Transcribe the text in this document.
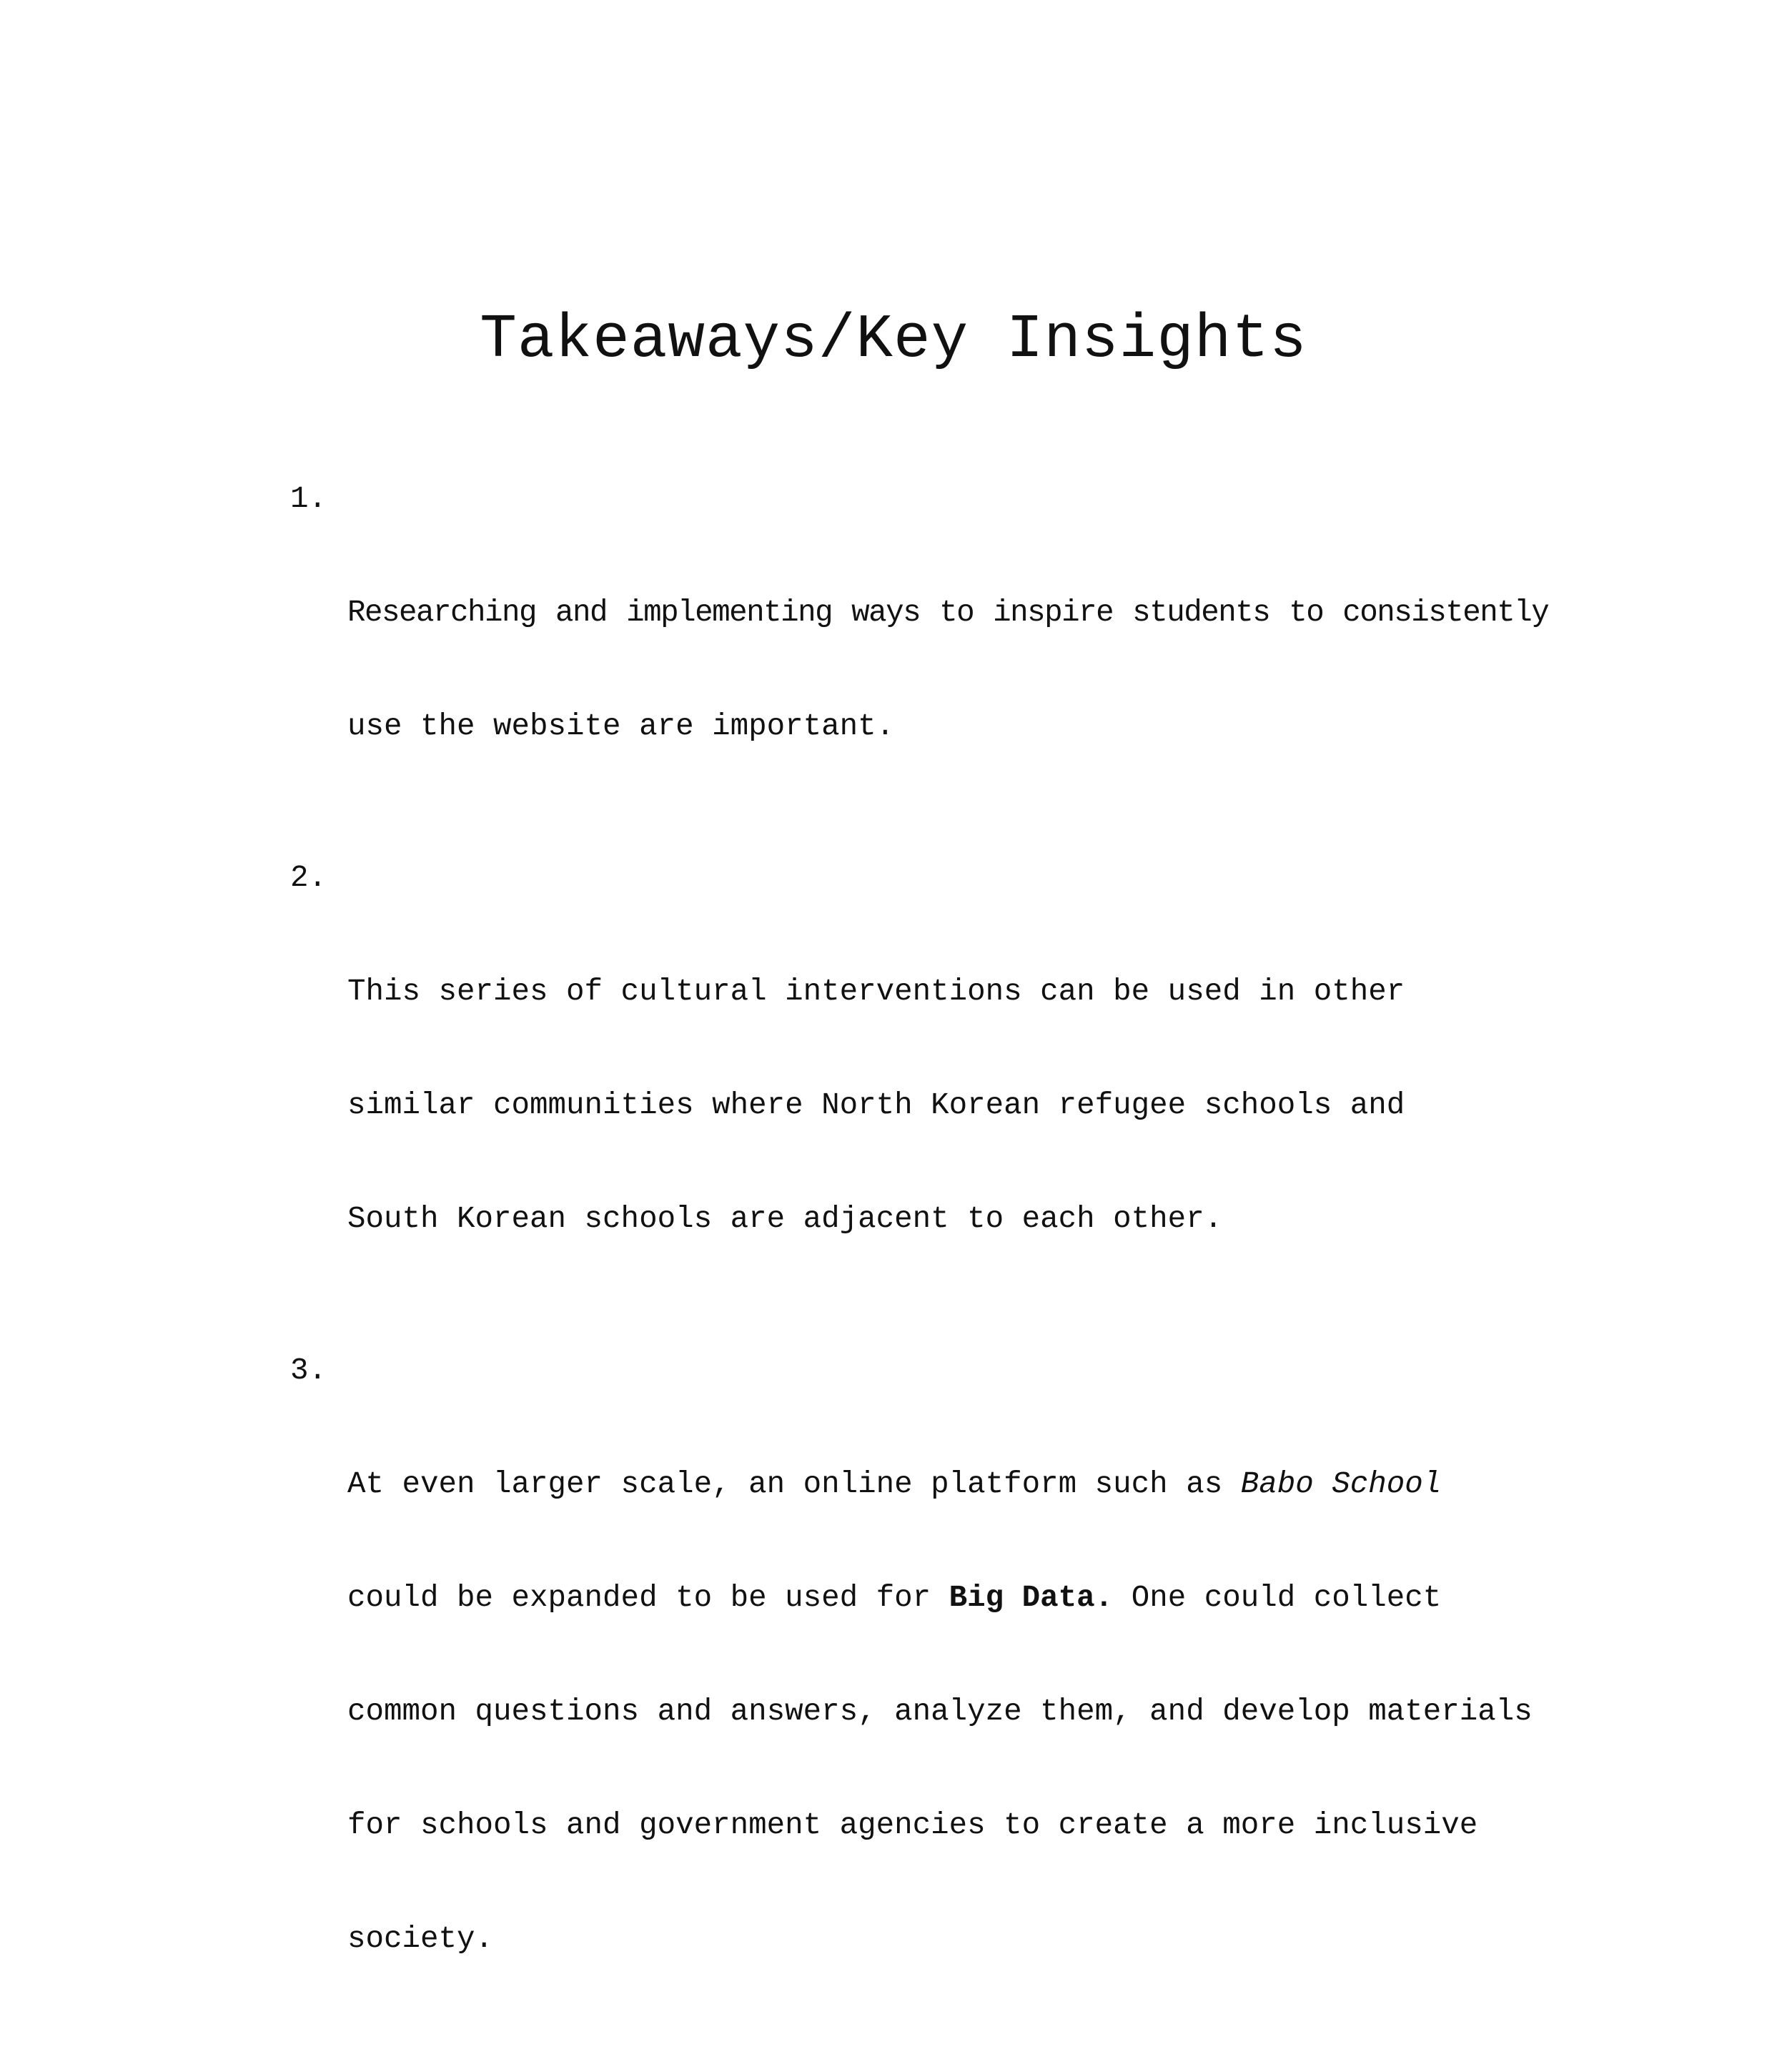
Takeaways/Key Insights

1.

Researching and implementing ways to inspire students to consistently

use the website are important.

2.

This series of cultural interventions can be used in other

similar communities where North Korean refugee schools and

South Korean schools are adjacent to each other.

3.

At even larger scale, an online platform such as Babo School

could be expanded to be used for Big Data. One could collect

common questions and answers, analyze them, and develop materials

for schools and government agencies to create a more inclusive

society.
